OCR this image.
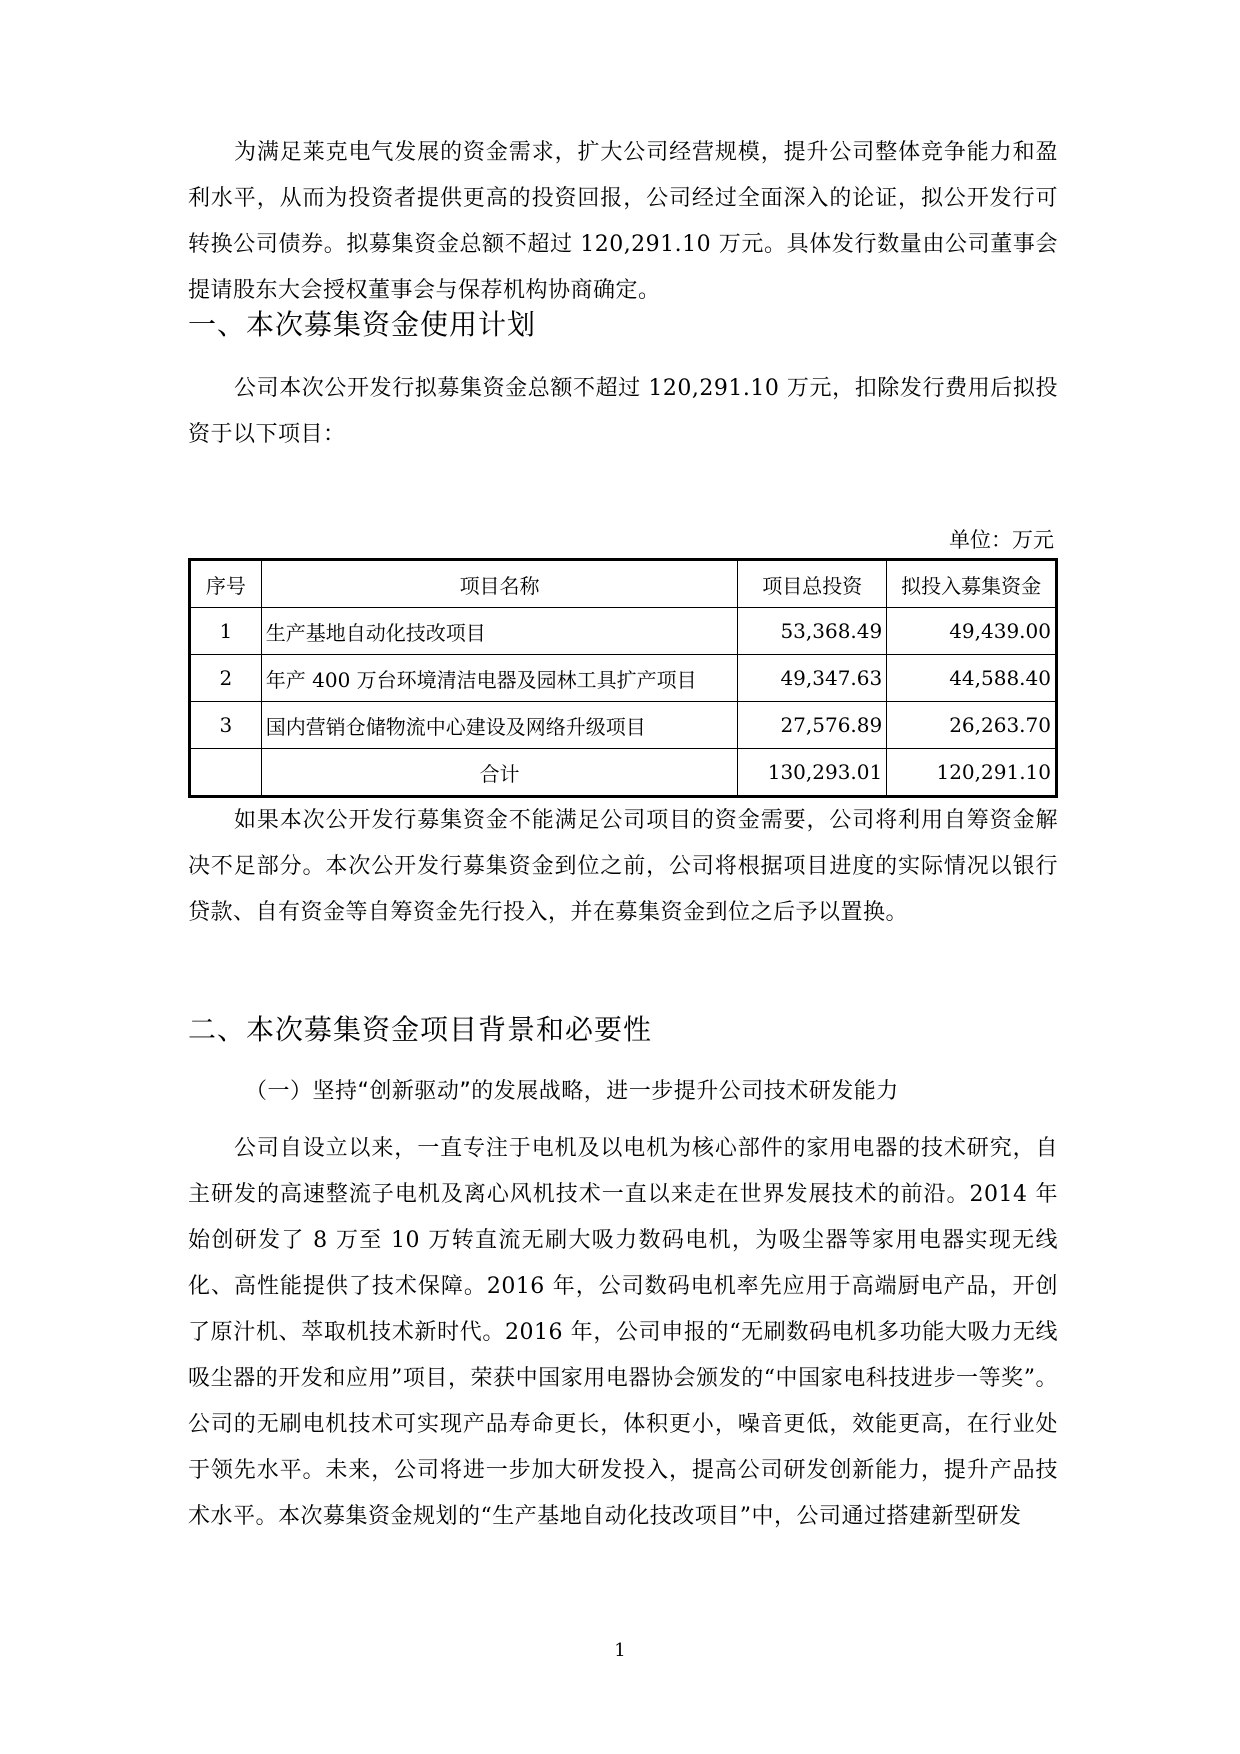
为满足莱克电气发展的资金需求，扩大公司经营规模，提升公司整体竞争能力和盈利水平，从而为投资者提供更高的投资回报，公司经过全面深入的论证，拟公开发行可转换公司债券。拟募集资金总额不超过 120,291.10 万元。具体发行数量由公司董事会提请股东大会授权董事会与保荐机构协商确定。

一、本次募集资金使用计划

公司本次公开发行拟募集资金总额不超过 120,291.10 万元，扣除发行费用后拟投资于以下项目：

单位：万元
序号	项目名称	项目总投资	拟投入募集资金
1	生产基地自动化技改项目	53,368.49	49,439.00
2	年产 400 万台环境清洁电器及园林工具扩产项目	49,347.63	44,588.40
3	国内营销仓储物流中心建设及网络升级项目	27,576.89	26,263.70
	合计	130,293.01	120,291.10

如果本次公开发行募集资金不能满足公司项目的资金需要，公司将利用自筹资金解决不足部分。本次公开发行募集资金到位之前，公司将根据项目进度的实际情况以银行贷款、自有资金等自筹资金先行投入，并在募集资金到位之后予以置换。

二、本次募集资金项目背景和必要性
（一）坚持“创新驱动”的发展战略，进一步提升公司技术研发能力

公司自设立以来，一直专注于电机及以电机为核心部件的家用电器的技术研究，自主研发的高速整流子电机及离心风机技术一直以来走在世界发展技术的前沿。2014 年始创研发了 8 万至 10 万转直流无刷大吸力数码电机，为吸尘器等家用电器实现无线化、高性能提供了技术保障。2016 年，公司数码电机率先应用于高端厨电产品，开创了原汁机、萃取机技术新时代。2016 年，公司申报的“无刷数码电机多功能大吸力无线吸尘器的开发和应用”项目，荣获中国家用电器协会颁发的“中国家电科技进步一等奖”。公司的无刷电机技术可实现产品寿命更长，体积更小，噪音更低，效能更高，在行业处于领先水平。未来，公司将进一步加大研发投入，提高公司研发创新能力，提升产品技术水平。本次募集资金规划的“生产基地自动化技改项目”中，公司通过搭建新型研发

1
